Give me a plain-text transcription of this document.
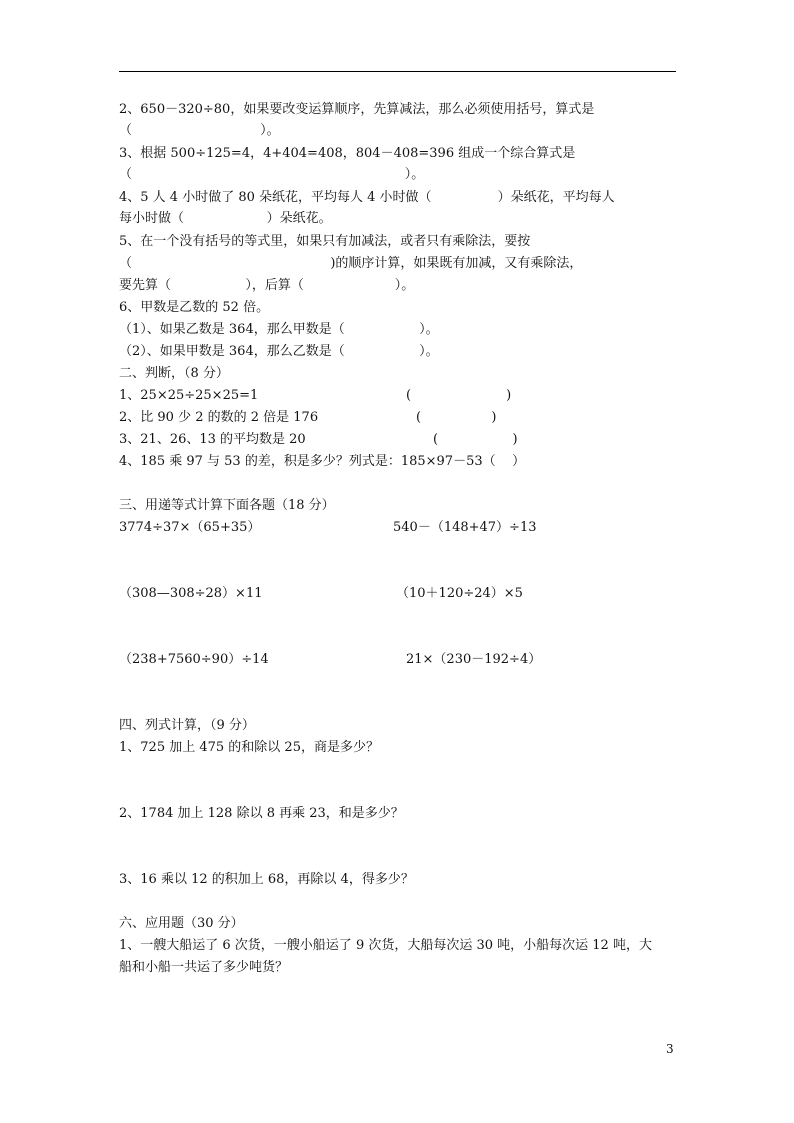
2、650－320÷80，如果要改变运算顺序，先算减法，那么必须使用括号，算式是
（                               ）。
3、根据 500÷125=4，4+404=408，804－408=396 组成一个综合算式是
（                                                                  ）。
4、5 人 4 小时做了 80 朵纸花，平均每人 4 小时做（                ）朵纸花，平均每人
每小时做（                    ）朵纸花。
5、在一个没有括号的等式里，如果只有加减法，或者只有乘除法，要按
（                                                )的顺序计算，如果既有加减，又有乘除法，
要先算（                  ），后算（                      ）。
6、甲数是乙数的 52 倍。
（1）、如果乙数是 364，那么甲数是（                  ）。
（2）、如果甲数是 364，那么乙数是（                  ）。
二、判断，（8 分）
1、25×25÷25×25=1	(                       )
2、比 90 少 2 的数的 2 倍是 176	(                 )
3、21、26、13 的平均数是 20	(                  )
4、185 乘 97 与 53 的差，积是多少？列式是：185×97－53（    ）
三、用递等式计算下面各题（18 分）
3774÷37×（65+35）	540－（148+47）÷13
（308—308÷28）×11	（10＋120÷24）×5
（238+7560÷90）÷14	21×（230－192÷4）
四、列式计算，（9 分）
1、725 加上 475 的和除以 25，商是多少？
2、1784 加上 128 除以 8 再乘 23，和是多少？
3、16 乘以 12 的积加上 68，再除以 4，得多少？
六、应用题（30 分）
1、一艘大船运了 6 次货，一艘小船运了 9 次货，大船每次运 30 吨，小船每次运 12 吨，大
船和小船一共运了多少吨货？
3
